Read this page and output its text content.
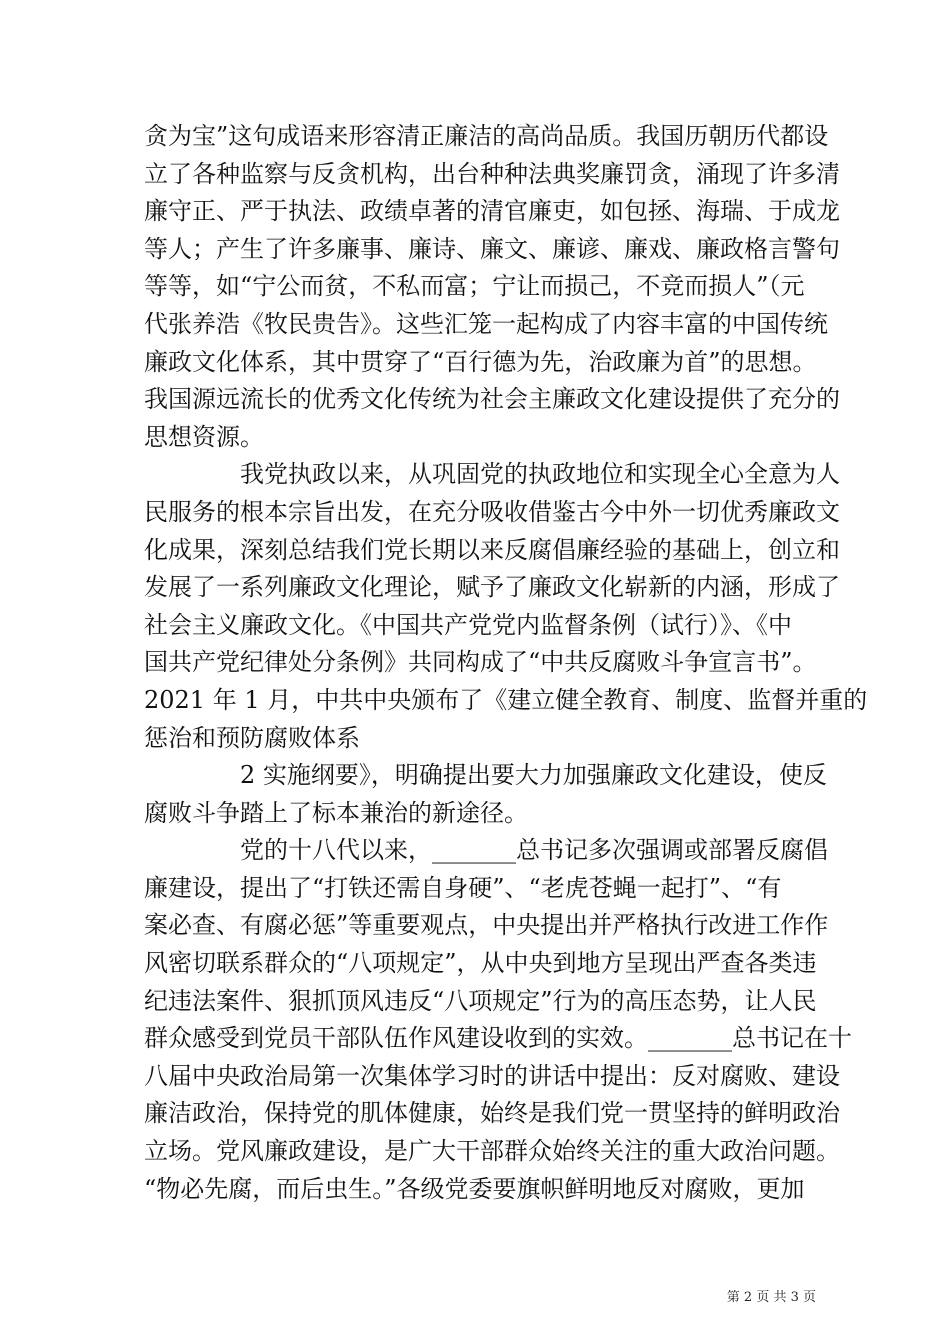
贪为宝”这句成语来形容清正廉洁的高尚品质。我国历朝历代都设
立了各种监察与反贪机构，出台种种法典奖廉罚贪，涌现了许多清
廉守正、严于执法、政绩卓著的清官廉吏，如包拯、海瑞、于成龙
等人；产生了许多廉事、廉诗、廉文、廉谚、廉戏、廉政格言警句
等等，如“宁公而贫，不私而富；宁让而损己，不竞而损人”（元
代张养浩《牧民贵告》。这些汇笼一起构成了内容丰富的中国传统
廉政文化体系，其中贯穿了“百行德为先，治政廉为首”的思想。
我国源远流长的优秀文化传统为社会主廉政文化建设提供了充分的
思想资源。
我党执政以来，从巩固党的执政地位和实现全心全意为人
民服务的根本宗旨出发，在充分吸收借鉴古今中外一切优秀廉政文
化成果，深刻总结我们党长期以来反腐倡廉经验的基础上，创立和
发展了一系列廉政文化理论，赋予了廉政文化崭新的内涵，形成了
社会主义廉政文化。《中国共产党党内监督条例（试行）》、《中
国共产党纪律处分条例》共同构成了“中共反腐败斗争宣言书”。
2021 年 1 月，中共中央颁布了《建立健全教育、制度、监督并重的
惩治和预防腐败体系
2 实施纲要》，明确提出要大力加强廉政文化建设，使反
腐败斗争踏上了标本兼治的新途径。
党的十八代以来，_______总书记多次强调或部署反腐倡
廉建设，提出了“打铁还需自身硬”、“老虎苍蝇一起打”、“有
案必查、有腐必惩”等重要观点，中央提出并严格执行改进工作作
风密切联系群众的“八项规定”，从中央到地方呈现出严查各类违
纪违法案件、狠抓顶风违反“八项规定”行为的高压态势，让人民
群众感受到党员干部队伍作风建设收到的实效。_______总书记在十
八届中央政治局第一次集体学习时的讲话中提出：反对腐败、建设
廉洁政治，保持党的肌体健康，始终是我们党一贯坚持的鲜明政治
立场。党风廉政建设，是广大干部群众始终关注的重大政治问题。
“物必先腐，而后虫生。”各级党委要旗帜鲜明地反对腐败，更加
第 2 页 共 3 页
